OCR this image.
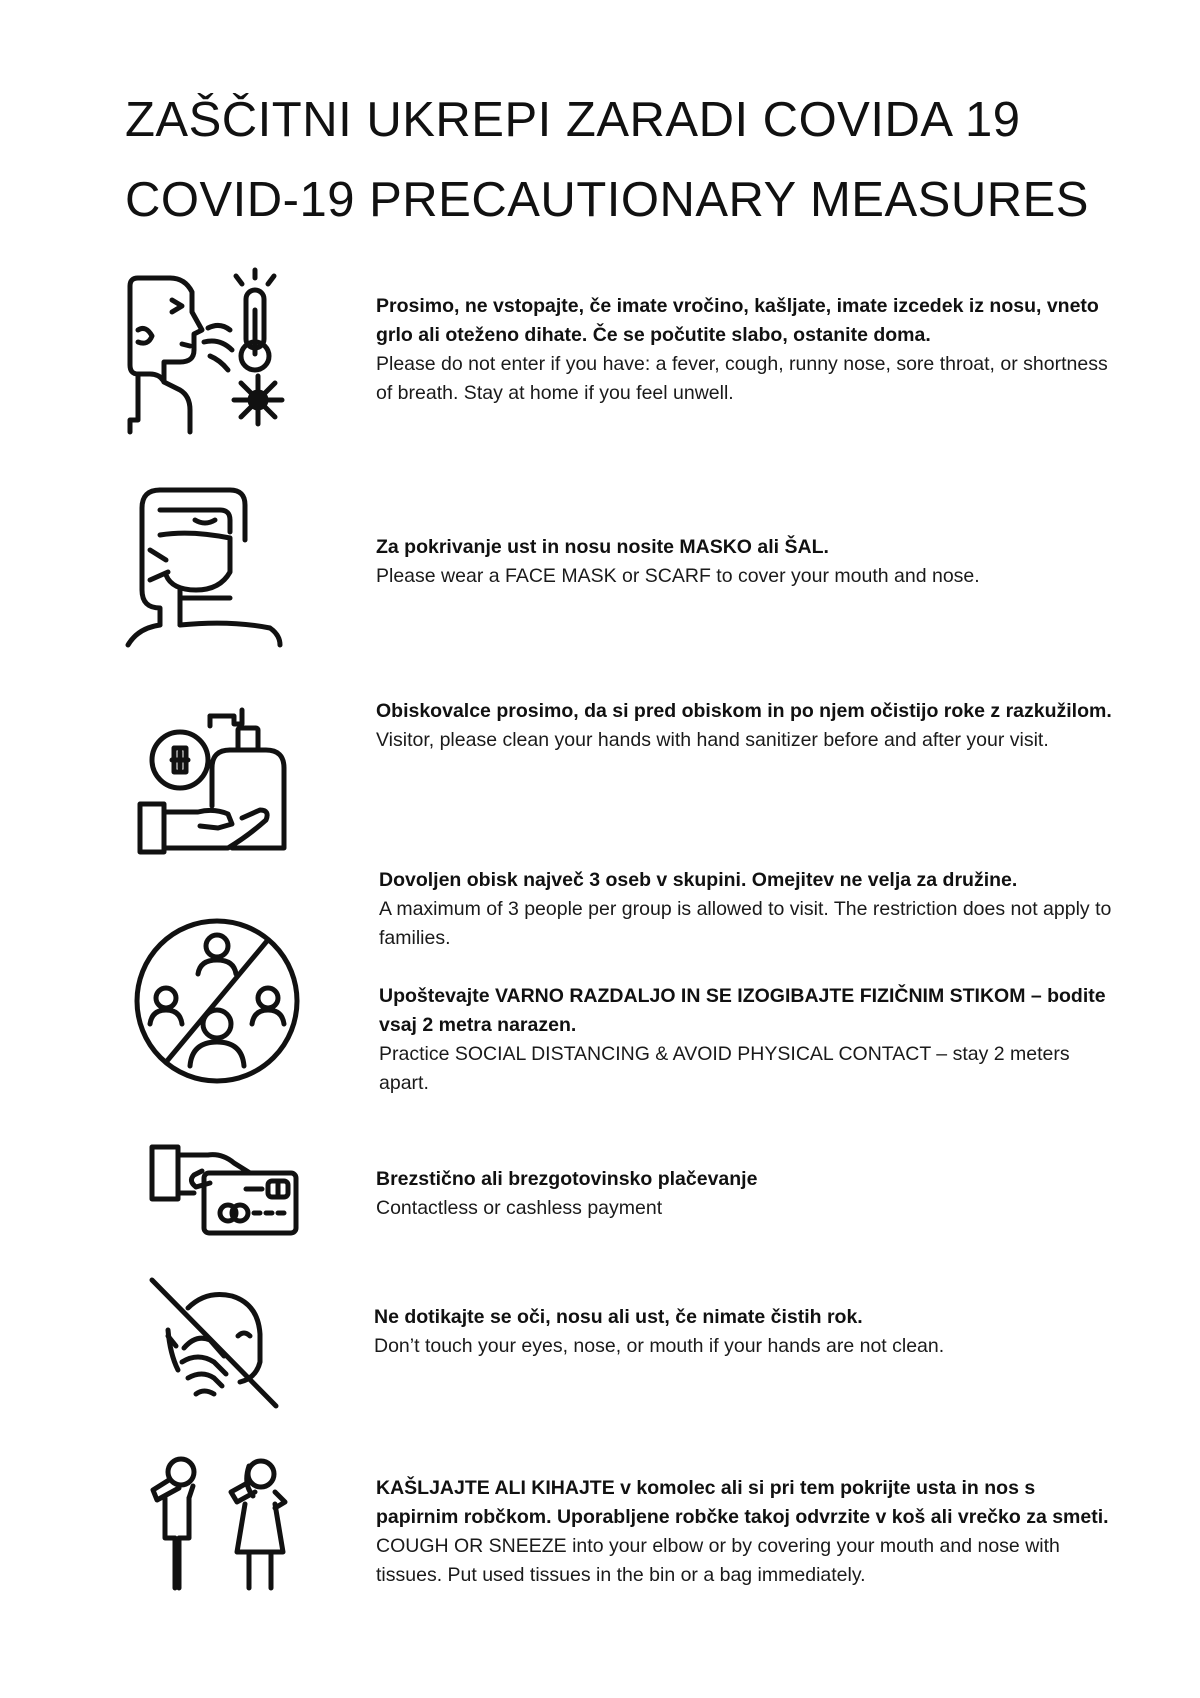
ZAŠČITNI UKREPI ZARADI COVIDA 19
COVID-19 PRECAUTIONARY MEASURES
Prosimo, ne vstopajte, če imate vročino, kašljate, imate izcedek iz nosu, vneto grlo ali oteženo dihate. Če se počutite slabo, ostanite doma.
Please do not enter if you have: a fever, cough, runny nose, sore throat, or shortness of breath. Stay at home if you feel unwell.
Za pokrivanje ust in nosu nosite MASKO ali ŠAL.
Please wear a FACE MASK or SCARF to cover your mouth and nose.
Obiskovalce prosimo, da si pred obiskom in po njem očistijo roke z razkužilom.
Visitor, please clean your hands with hand sanitizer before and after your visit.
Dovoljen obisk največ 3 oseb v skupini. Omejitev ne velja za družine.
A maximum of 3 people per group is allowed to visit. The restriction does not apply to families.
Upoštevajte VARNO RAZDALJO IN SE IZOGIBAJTE FIZIČNIM STIKOM – bodite vsaj 2 metra narazen.
Practice SOCIAL DISTANCING & AVOID PHYSICAL CONTACT – stay 2 meters apart.
Brezstično ali brezgotovinsko plačevanje
Contactless or cashless payment
Ne dotikajte se oči, nosu ali ust, če nimate čistih rok.
Don’t touch your eyes, nose, or mouth if your hands are not clean.
KAŠLJAJTE ALI KIHAJTE v komolec ali si pri tem pokrijte usta in nos s papirnim robčkom. Uporabljene robčke takoj odvrzite v koš ali vrečko za smeti.
COUGH OR SNEEZE into your elbow or by covering your mouth and nose with tissues. Put used tissues in the bin or a bag immediately.
